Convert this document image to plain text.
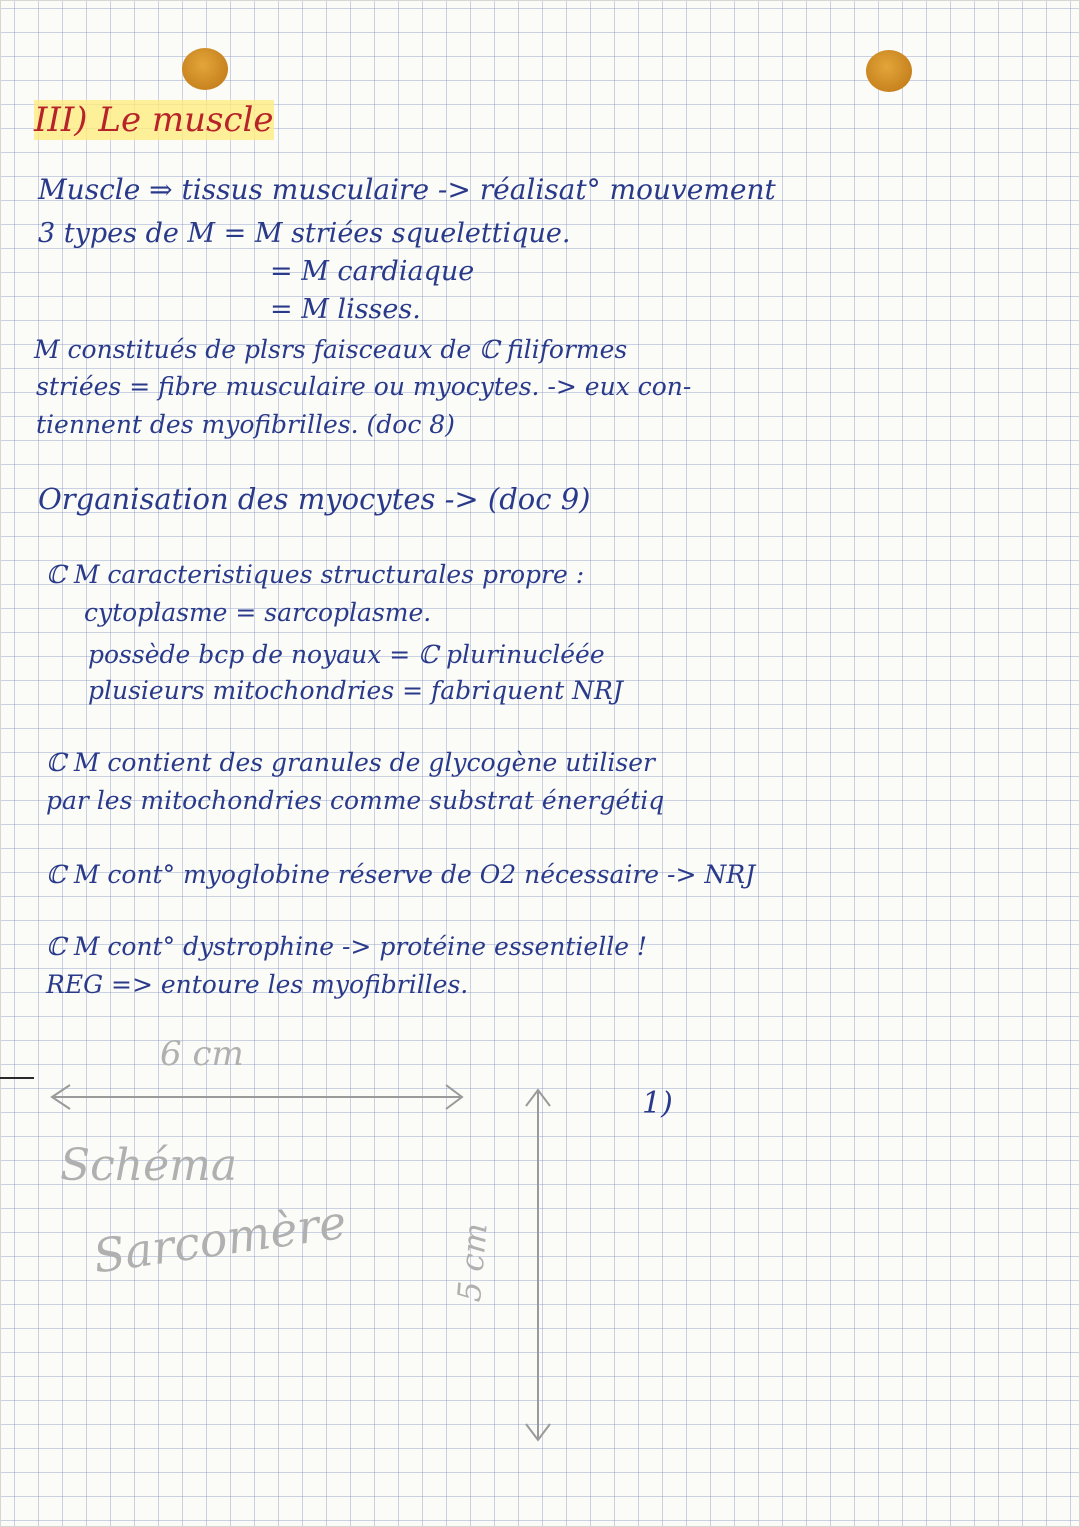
III) Le muscle
Muscle ⇒ tissus musculaire -> réalisat° mouvement
3 types de M = M striées squelettique.
= M cardiaque
= M lisses.
M constitués de plsrs faisceaux de ℂ filiformes
striées = fibre musculaire ou myocytes. -> eux con-
tiennent des myofibrilles. (doc 8)
Organisation des myocytes -> (doc 9)
ℂ M caracteristiques structurales propre :
cytoplasme = sarcoplasme.
possède bcp de noyaux = ℂ plurinucléée
plusieurs mitochondries = fabriquent NRJ
ℂ M contient des granules de glycogène utiliser
par les mitochondries comme substrat énergétiq
ℂ M cont° myoglobine réserve de O2 nécessaire -> NRJ
ℂ M cont° dystrophine -> protéine essentielle !
REG => entoure les myofibrilles.
6 cm
Schéma
Sarcomère	5 cm
1)
